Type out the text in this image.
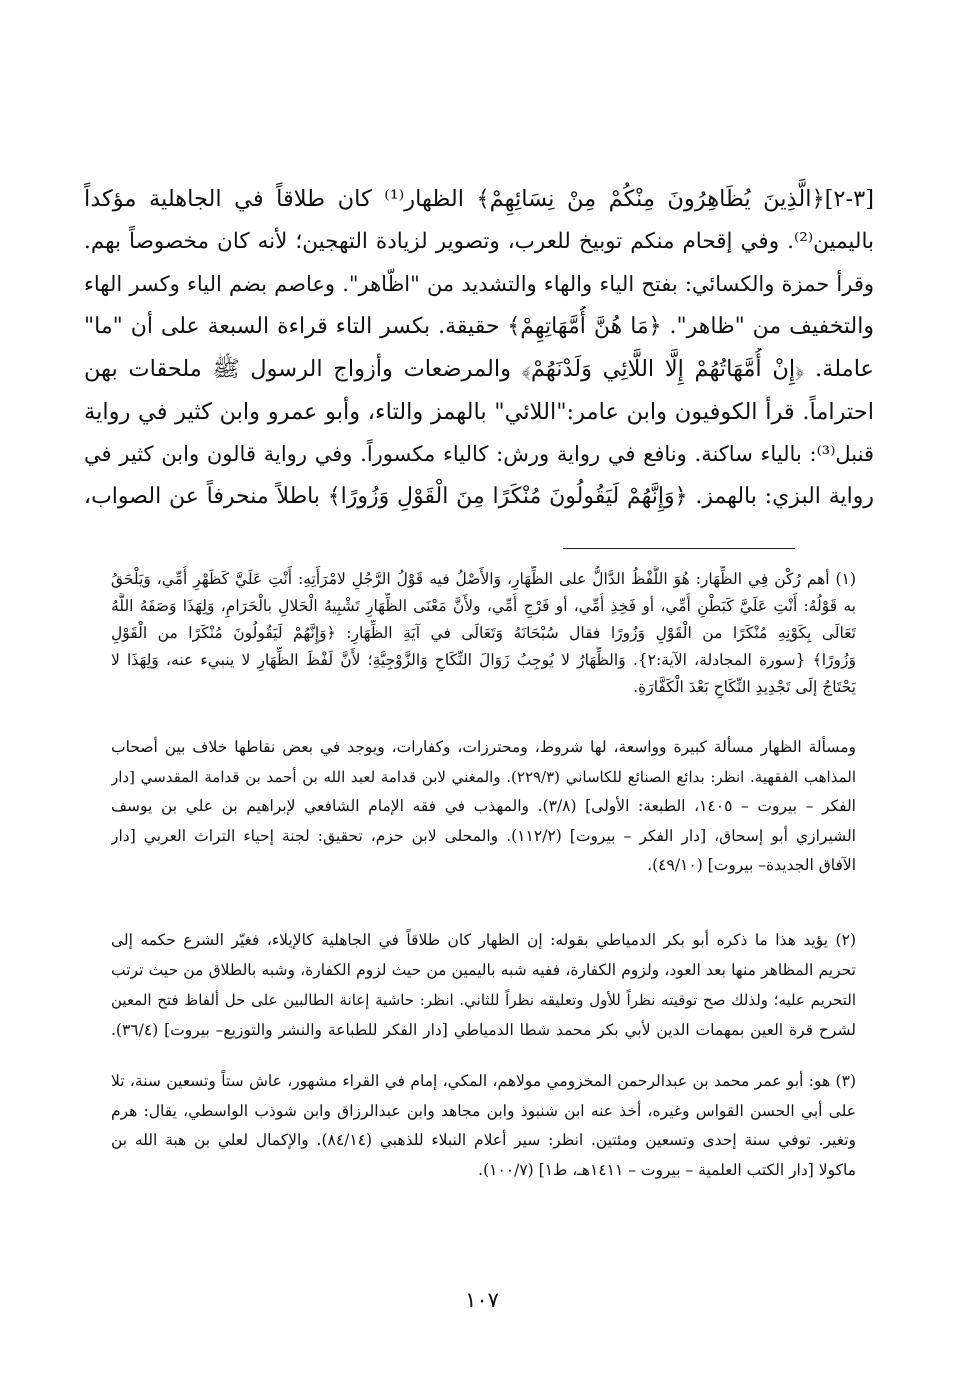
[٣-٢]﴿الَّذِينَ يُظَاهِرُونَ مِنْكُمْ مِنْ نِسَائِهِمْ﴾ الظهار⁽¹⁾ كان طلاقاً في الجاهلية مؤكداً
باليمين⁽²⁾. وفي إقحام منكم توبيخ للعرب، وتصوير لزيادة التهجين؛ لأنه كان مخصوصاً بهم.
وقرأ حمزة والكسائي: بفتح الياء والهاء والتشديد من "اظّاهر". وعاصم بضم الياء وكسر الهاء
والتخفيف من "ظاهر". ﴿مَا هُنَّ أُمَّهَاتِهِمْ﴾ حقيقة. بكسر التاء قراءة السبعة على أن "ما"
عاملة. ﴿إِنْ أُمَّهَاتُهُمْ إِلَّا اللَّائِي وَلَدْنَهُمْ﴾ والمرضعات وأزواج الرسول ﷺ ملحقات بهن
احتراماً. قرأ الكوفيون وابن عامر:"اللائي" بالهمز والتاء، وأبو عمرو وابن كثير في رواية
قنبل⁽³⁾: بالياء ساكنة. ونافع في رواية ورش: كالياء مكسوراً. وفي رواية قالون وابن كثير في
رواية البزي: بالهمز. ﴿وَإِنَّهُمْ لَيَقُولُونَ مُنْكَرًا مِنَ الْقَوْلِ وَزُورًا﴾ باطلاً منحرفاً عن الصواب،
(١) أهم رُكْن فِي الظِّهَار: هُوَ اللَّفْظُ الدَّالُّ على الظِّهَارِ، وَالأَصْلُ فيه قَوْلُ الرَّجُلِ لامْرَأَتِهِ: أَنْتِ عَلَيَّ كَظَهْرِ أُمِّي، وَيَلْحَقُ
به قَوْلُهُ: أَنْتِ عَلَيَّ كَبَطْنِ أُمِّي، أو فَخِذِ أُمِّي، أو فَرْجِ أُمِّي، ولأَنَّ مَعْنَى الظِّهَارِ تَشْبِيهُ الْحَلالِ بالْحَرَامِ، وَلِهَذَا وَصَفَهُ اللَّهُ
تَعَالَى بِكَوْنِهِ مُنْكَرًا من الْقَوْلِ وَزُورًا فقال سُبْحَانَهُ وَتَعَالَى في آيَةِ الظِّهَارِ: ﴿وَإِنَّهُمْ لَيَقُولُونَ مُنْكَرًا من الْقَوْلِ
وَزُورًا﴾ {سورة المجادلة، الآية:٢}. وَالظِّهَارُ لا يُوجِبُ زَوَالَ النِّكَاحِ وَالزَّوْجِيَّةِ؛ لأَنَّ لَفْظَ الظِّهَارِ لا ينبيء عنه، وَلِهَذَا لا
يَحْتَاجُ إلَى تَجْدِيدِ النِّكَاحِ بَعْدَ الْكَفَّارَةِ.
ومسألة الظهار مسألة كبيرة وواسعة، لها شروط، ومحترزات، وكفارات، ويوجد في بعض نقاطها خلاف بين أصحاب
المذاهب الفقهية. انظر: بدائع الصنائع للكاساني (٢٢٩/٣). والمغني لابن قدامة لعبد الله بن أحمد بن قدامة المقدسي [دار
الفكر – بيروت – ١٤٠٥، الطبعة: الأولى] (٣/٨). والمهذب في فقه الإمام الشافعي لإبراهيم بن علي بن يوسف
الشيرازي أبو إسحاق، [دار الفكر – بيروت] (١١٢/٢). والمحلى لابن حزم، تحقيق: لجنة إحياء التراث العربي [دار
الآفاق الجديدة– بيروت] (٤٩/١٠).
(٢) يؤيد هذا ما ذكره أبو بكر الدمياطي بقوله: إن الظهار كان طلاقاً في الجاهلية كالإيلاء، فغيّر الشرع حكمه إلى
تحريم المظاهر منها بعد العود، ولزوم الكفارة، ففيه شبه باليمين من حيث لزوم الكفارة، وشبه بالطلاق من حيث ترتب
التحريم عليه؛ ولذلك صح توقيته نظراً للأول وتعليقه نظراً للثاني. انظر: حاشية إعانة الطالبين على حل ألفاظ فتح المعين
لشرح قرة العين بمهمات الدين لأبي بكر محمد شطا الدمياطي [دار الفكر للطباعة والنشر والتوزيع– بيروت] (٣٦/٤).
(٣) هو: أبو عمر محمد بن عبدالرحمن المخزومي مولاهم، المكي، إمام في القراء مشهور، عاش ستاً وتسعين سنة، تلا
على أبي الحسن القواس وغيره، أخذ عنه ابن شنبوذ وابن مجاهد وابن عبدالرزاق وابن شوذب الواسطي، يقال: هرم
وتغير. توفي سنة إحدى وتسعين ومئتين. انظر: سير أعلام النبلاء للذهبي (٨٤/١٤). والإكمال لعلي بن هبة الله بن
ماكولا [دار الكتب العلمية – بيروت – ١٤١١هـ، ط١] (١٠٠/٧).
١٠٧
